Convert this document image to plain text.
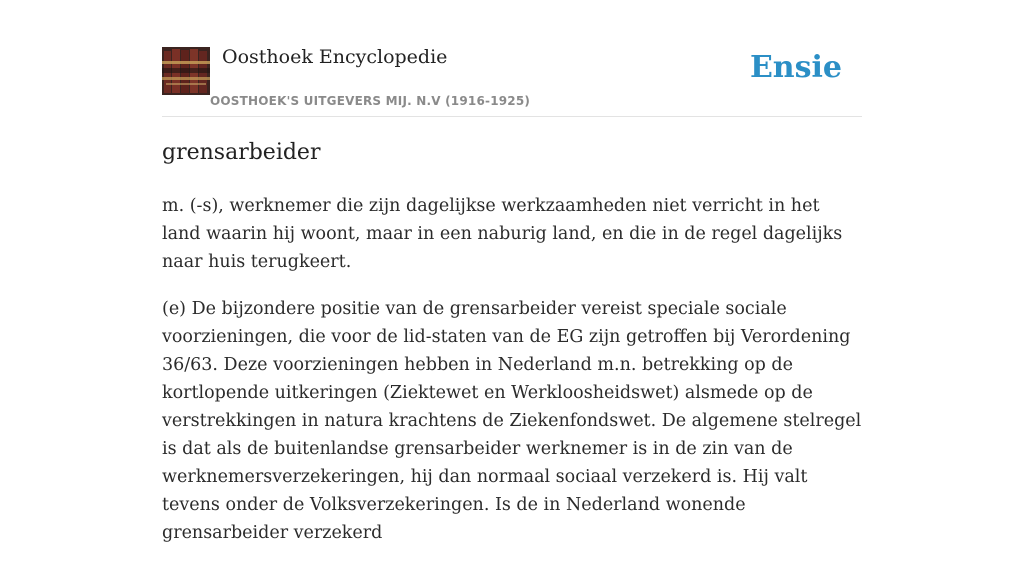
Oosthoek Encyclopedie
OOSTHOEK'S UITGEVERS MIJ. N.V (1916-1925)
Ensie
grensarbeider

m. (-s), werknemer die zijn dagelijkse werkzaamheden niet verricht in het land waarin hij woont, maar in een naburig land, en die in de regel dagelijks naar huis terugkeert.

(e) De bijzondere positie van de grensarbeider vereist speciale sociale voorzieningen, die voor de lid-staten van de EG zijn getroffen bij Verordening 36/63. Deze voorzieningen hebben in Nederland m.n. betrekking op de kortlopende uitkeringen (Ziektewet en Werkloosheidswet) alsmede op de verstrekkingen in natura krachtens de Ziekenfondswet. De algemene stelregel is dat als de buitenlandse grensarbeider werknemer is in de zin van de werknemersverzekeringen, hij dan normaal sociaal verzekerd is. Hij valt tevens onder de Volksverzekeringen. Is de in Nederland wonende grensarbeider verzekerd
